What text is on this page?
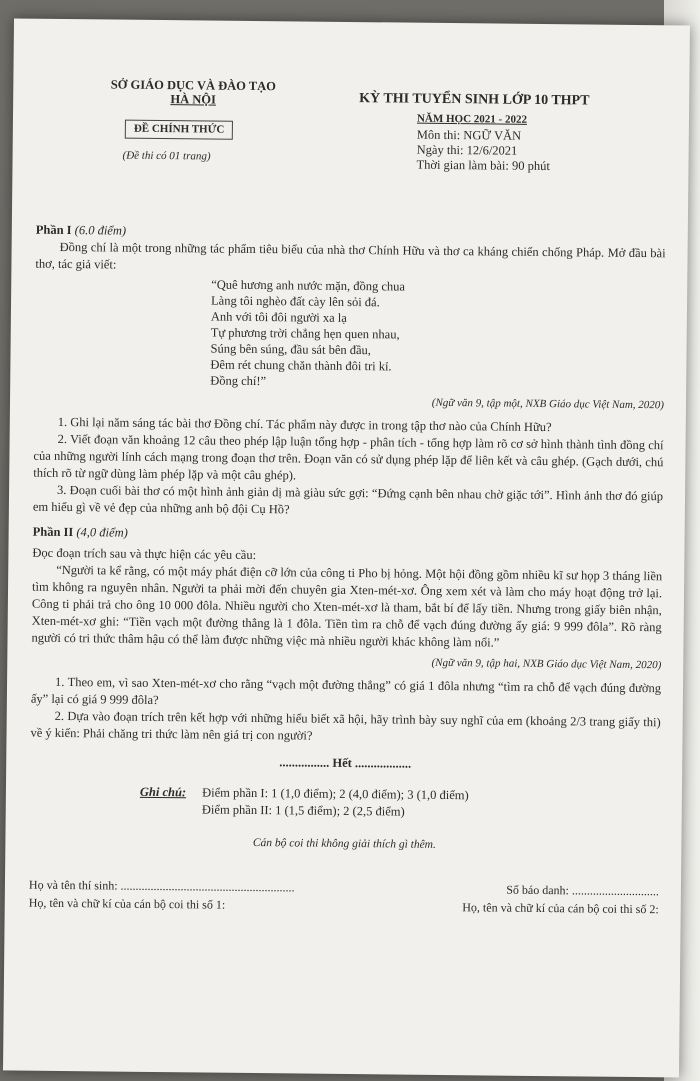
SỞ GIÁO DỤC VÀ ĐÀO TẠO
HÀ NỘI
ĐỀ CHÍNH THỨC
(Đề thi có 01 trang)
KỲ THI TUYỂN SINH LỚP 10 THPT
NĂM HỌC 2021 - 2022
Môn thi: NGỮ VĂN
Ngày thi: 12/6/2021
Thời gian làm bài: 90 phút

Phần I (6.0 điểm)

Đồng chí là một trong những tác phẩm tiêu biểu của nhà thơ Chính Hữu và thơ ca kháng chiến chống Pháp. Mở đầu bài thơ, tác giả viết:

“Quê hương anh nước mặn, đồng chua
Làng tôi nghèo đất cày lên sỏi đá.
Anh với tôi đôi người xa lạ
Tự phương trời chẳng hẹn quen nhau,
Súng bên súng, đầu sát bên đầu,
Đêm rét chung chăn thành đôi tri kỉ.
Đồng chí!”
(Ngữ văn 9, tập một, NXB Giáo dục Việt Nam, 2020)

1. Ghi lại năm sáng tác bài thơ Đồng chí. Tác phẩm này được in trong tập thơ nào của Chính Hữu?

2. Viết đoạn văn khoảng 12 câu theo phép lập luận tổng hợp - phân tích - tổng hợp làm rõ cơ sở hình thành tình đồng chí của những người lính cách mạng trong đoạn thơ trên. Đoạn văn có sử dụng phép lặp để liên kết và câu ghép. (Gạch dưới, chú thích rõ từ ngữ dùng làm phép lặp và một câu ghép).

3. Đoạn cuối bài thơ có một hình ảnh giản dị mà giàu sức gợi: “Đứng cạnh bên nhau chờ giặc tới”. Hình ảnh thơ đó giúp em hiểu gì về vẻ đẹp của những anh bộ đội Cụ Hồ?

Phần II (4,0 điểm)

Đọc đoạn trích sau và thực hiện các yêu cầu:

“Người ta kể rằng, có một máy phát điện cỡ lớn của công ti Pho bị hỏng. Một hội đồng gồm nhiều kĩ sư họp 3 tháng liền tìm không ra nguyên nhân. Người ta phải mời đến chuyên gia Xten-mét-xơ. Ông xem xét và làm cho máy hoạt động trở lại. Công ti phải trả cho ông 10 000 đôla. Nhiều người cho Xten-mét-xơ là tham, bắt bí để lấy tiền. Nhưng trong giấy biên nhận, Xten-mét-xơ ghi: “Tiền vạch một đường thẳng là 1 đôla. Tiền tìm ra chỗ để vạch đúng đường ấy giá: 9 999 đôla”. Rõ ràng người có tri thức thâm hậu có thể làm được những việc mà nhiều người khác không làm nổi.”

(Ngữ văn 9, tập hai, NXB Giáo dục Việt Nam, 2020)

1. Theo em, vì sao Xten-mét-xơ cho rằng “vạch một đường thẳng” có giá 1 đôla nhưng “tìm ra chỗ để vạch đúng đường ấy” lại có giá 9 999 đôla?

2. Dựa vào đoạn trích trên kết hợp với những hiểu biết xã hội, hãy trình bày suy nghĩ của em (khoảng 2/3 trang giấy thi) về ý kiến: Phải chăng tri thức làm nên giá trị con người?

................ Hết ..................
Ghi chú: Điểm phần I: 1 (1,0 điểm); 2 (4,0 điểm); 3 (1,0 điểm)
Điểm phần II: 1 (1,5 điểm); 2 (2,5 điểm)
Cán bộ coi thi không giải thích gì thêm.
Họ và tên thí sinh: ..........................................................	Số báo danh: .............................
Họ, tên và chữ kí của cán bộ coi thi số 1:	Họ, tên và chữ kí của cán bộ coi thi số 2:
